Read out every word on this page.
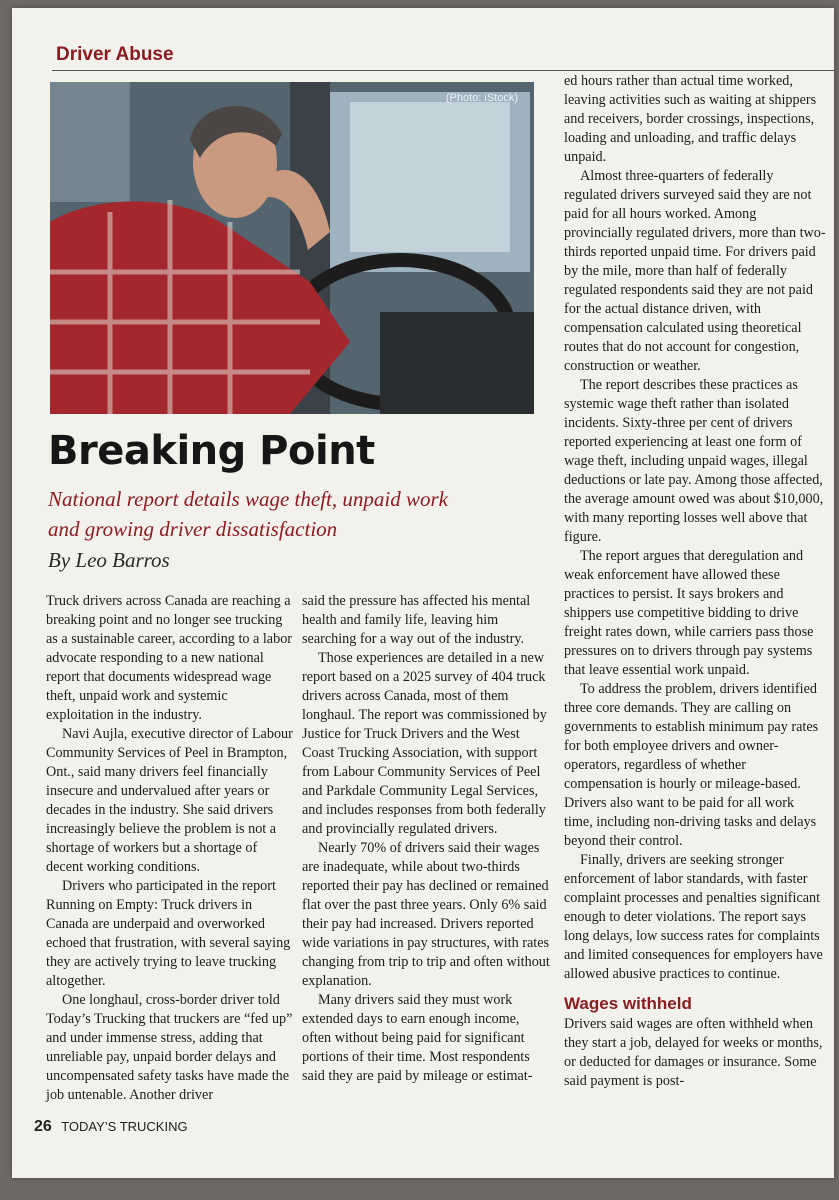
Driver Abuse
(Photo: iStock)
Breaking Point
National report details wage theft, unpaid work and growing driver dissatisfaction
By Leo Barros

Truck drivers across Canada are reaching a breaking point and no longer see trucking as a sustainable career, according to a labor advocate responding to a new national report that documents widespread wage theft, unpaid work and systemic exploitation in the industry.

Navi Aujla, executive director of Labour Community Services of Peel in Brampton, Ont., said many drivers feel financially insecure and undervalued after years or decades in the industry. She said drivers increasingly believe the problem is not a shortage of workers but a shortage of decent working conditions.

Drivers who participated in the report Running on Empty: Truck drivers in Canada are underpaid and overworked echoed that frustration, with several saying they are actively trying to leave trucking altogether.

One longhaul, cross-border driver told Today’s Trucking that truckers are “fed up” and under immense stress, adding that unreliable pay, unpaid border delays and uncompensated safety tasks have made the job untenable. Another driver

said the pressure has affected his mental health and family life, leaving him searching for a way out of the industry.

Those experiences are detailed in a new report based on a 2025 survey of 404 truck drivers across Canada, most of them longhaul. The report was commissioned by Justice for Truck Drivers and the West Coast Trucking Association, with support from Labour Community Services of Peel and Parkdale Community Legal Services, and includes responses from both federally and provincially regulated drivers.

Nearly 70% of drivers said their wages are inadequate, while about two-thirds reported their pay has declined or remained flat over the past three years. Only 6% said their pay had increased. Drivers reported wide variations in pay structures, with rates changing from trip to trip and often without explanation.

Many drivers said they must work extended days to earn enough income, often without being paid for significant portions of their time. Most respondents said they are paid by mileage or estimat-

ed hours rather than actual time worked, leaving activities such as waiting at shippers and receivers, border crossings, inspections, loading and unloading, and traffic delays unpaid.

Almost three-quarters of federally regulated drivers surveyed said they are not paid for all hours worked. Among provincially regulated drivers, more than two-thirds reported unpaid time. For drivers paid by the mile, more than half of federally regulated respondents said they are not paid for the actual distance driven, with compensation calculated using theoretical routes that do not account for congestion, construction or weather.

The report describes these practices as systemic wage theft rather than isolated incidents. Sixty-three per cent of drivers reported experiencing at least one form of wage theft, including unpaid wages, illegal deductions or late pay. Among those affected, the average amount owed was about $10,000, with many reporting losses well above that figure.

The report argues that deregulation and weak enforcement have allowed these practices to persist. It says brokers and shippers use competitive bidding to drive freight rates down, while carriers pass those pressures on to drivers through pay systems that leave essential work unpaid.

To address the problem, drivers identified three core demands. They are calling on governments to establish minimum pay rates for both employee drivers and owner-operators, regardless of whether compensation is hourly or mileage-based. Drivers also want to be paid for all work time, including non-driving tasks and delays beyond their control.

Finally, drivers are seeking stronger enforcement of labor standards, with faster complaint processes and penalties significant enough to deter violations. The report says long delays, low success rates for complaints and limited consequences for employers have allowed abusive practices to continue.

Wages withheld

Drivers said wages are often withheld when they start a job, delayed for weeks or months, or deducted for damages or insurance. Some said payment is post-

26 TODAY’S TRUCKING
